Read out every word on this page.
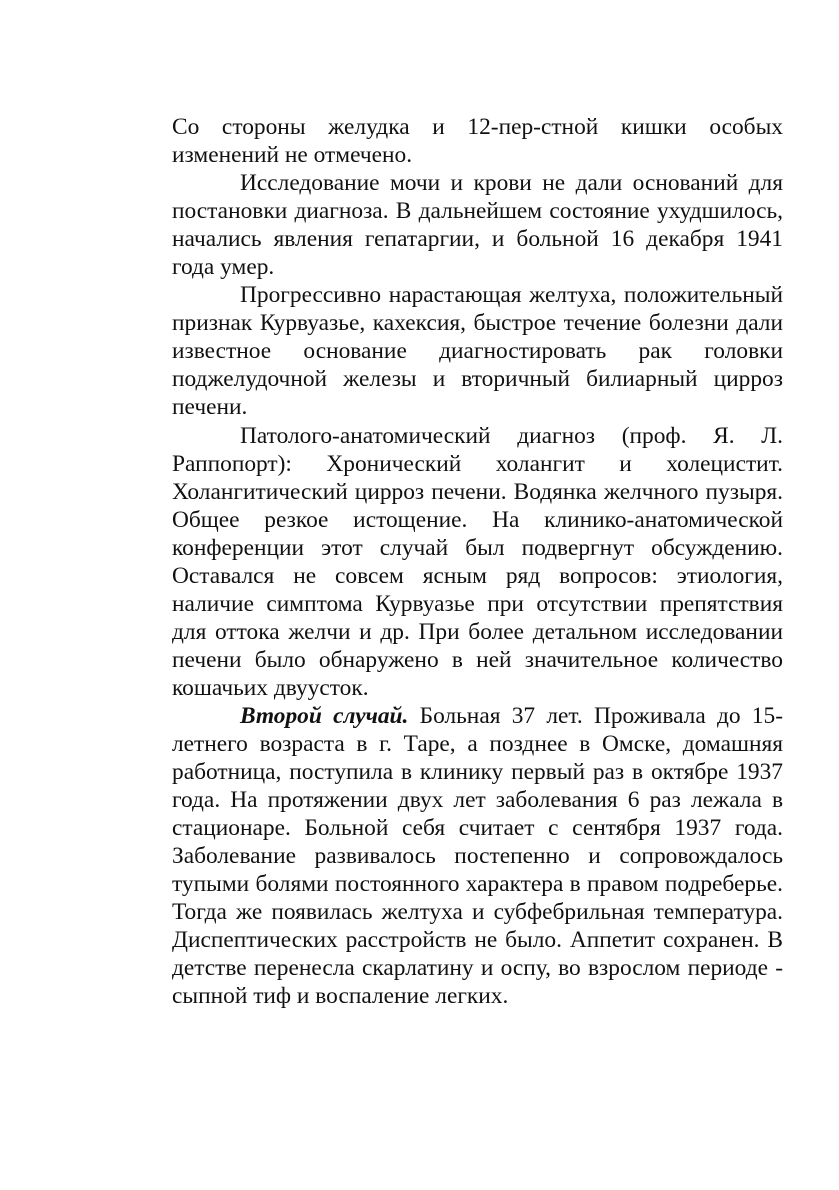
Со стороны желудка и 12-пер-стной кишки особых изменений не отмечено.

Исследование мочи и крови не дали оснований для постановки диагноза. В дальнейшем состояние ухудшилось, начались явления гепатаргии, и больной 16 декабря 1941 года умер.

Прогрессивно нарастающая желтуха, положительный признак Курвуазье, кахексия, быстрое течение болезни дали известное основание диагностировать рак головки поджелудочной железы и вторичный билиарный цирроз печени.

Патолого-анатомический диагноз (проф. Я. Л. Раппопорт): Хронический холангит и холецистит. Холангитический цирроз печени. Водянка желчного пузыря. Общее резкое истощение. На клинико-анатомической конференции этот случай был подвергнут обсуждению. Оставался не совсем ясным ряд вопросов: этиология, наличие симптома Курвуазье при отсутствии препятствия для оттока желчи и др. При более детальном исследовании печени было обнаружено в ней значительное количество кошачьих двуусток.

Второй случай. Больная 37 лет. Проживала до 15-летнего возраста в г. Таре, а позднее в Омске, домашняя работница, поступила в клинику первый раз в октябре 1937 года. На протяжении двух лет заболевания 6 раз лежала в стационаре. Больной себя считает с сентября 1937 года. Заболевание развивалось постепенно и сопровождалось тупыми болями постоянного характера в правом подреберье. Тогда же появилась желтуха и субфебрильная температура. Диспептических расстройств не было. Аппетит сохранен. В детстве перенесла скарлатину и оспу, во взрослом периоде - сыпной тиф и воспаление легких.
